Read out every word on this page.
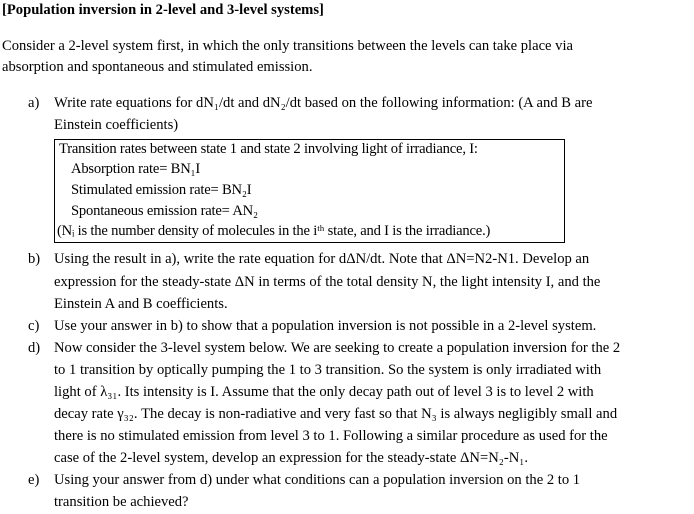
[Population inversion in 2-level and 3-level systems]
Consider a 2-level system first, in which the only transitions between the levels can take place via
absorption and spontaneous and stimulated emission.
a) Write rate equations for dN₁/dt and dN₂/dt based on the following information: (A and B are
Einstein coefficients)
Transition rates between state 1 and state 2 involving light of irradiance, I:
Absorption rate= BN₁I
Stimulated emission rate= BN₂I
Spontaneous emission rate= AN₂
(Nᵢ is the number density of molecules in the iᵗʰ state, and I is the irradiance.)
b) Using the result in a), write the rate equation for dΔN/dt. Note that ΔN=N2-N1. Develop an
expression for the steady-state ΔN in terms of the total density N, the light intensity I, and the
Einstein A and B coefficients.
c) Use your answer in b) to show that a population inversion is not possible in a 2-level system.
d) Now consider the 3-level system below. We are seeking to create a population inversion for the 2
to 1 transition by optically pumping the 1 to 3 transition. So the system is only irradiated with
light of λ₃₁. Its intensity is I. Assume that the only decay path out of level 3 is to level 2 with
decay rate γ₃₂. The decay is non-radiative and very fast so that N₃ is always negligibly small and
there is no stimulated emission from level 3 to 1. Following a similar procedure as used for the
case of the 2-level system, develop an expression for the steady-state ΔN=N₂-N₁.
e) Using your answer from d) under what conditions can a population inversion on the 2 to 1
transition be achieved?
